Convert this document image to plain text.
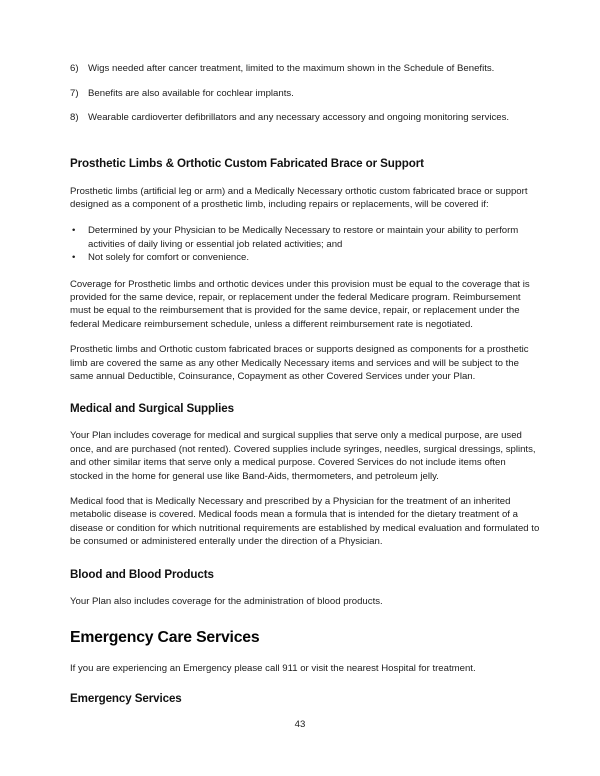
6) Wigs needed after cancer treatment, limited to the maximum shown in the Schedule of Benefits.
7) Benefits are also available for cochlear implants.
8) Wearable cardioverter defibrillators and any necessary accessory and ongoing monitoring services.
Prosthetic Limbs & Orthotic Custom Fabricated Brace or Support

Prosthetic limbs (artificial leg or arm) and a Medically Necessary orthotic custom fabricated brace or support designed as a component of a prosthetic limb, including repairs or replacements, will be covered if:

• Determined by your Physician to be Medically Necessary to restore or maintain your ability to perform activities of daily living or essential job related activities; and
• Not solely for comfort or convenience.

Coverage for Prosthetic limbs and orthotic devices under this provision must be equal to the coverage that is provided for the same device, repair, or replacement under the federal Medicare program. Reimbursement must be equal to the reimbursement that is provided for the same device, repair, or replacement under the federal Medicare reimbursement schedule, unless a different reimbursement rate is negotiated.

Prosthetic limbs and Orthotic custom fabricated braces or supports designed as components for a prosthetic limb are covered the same as any other Medically Necessary items and services and will be subject to the same annual Deductible, Coinsurance, Copayment as other Covered Services under your Plan.

Medical and Surgical Supplies

Your Plan includes coverage for medical and surgical supplies that serve only a medical purpose, are used once, and are purchased (not rented). Covered supplies include syringes, needles, surgical dressings, splints, and other similar items that serve only a medical purpose. Covered Services do not include items often stocked in the home for general use like Band-Aids, thermometers, and petroleum jelly.

Medical food that is Medically Necessary and prescribed by a Physician for the treatment of an inherited metabolic disease is covered. Medical foods mean a formula that is intended for the dietary treatment of a disease or condition for which nutritional requirements are established by medical evaluation and formulated to be consumed or administered enterally under the direction of a Physician.

Blood and Blood Products

Your Plan also includes coverage for the administration of blood products.

Emergency Care Services

If you are experiencing an Emergency please call 911 or visit the nearest Hospital for treatment.

Emergency Services
43
